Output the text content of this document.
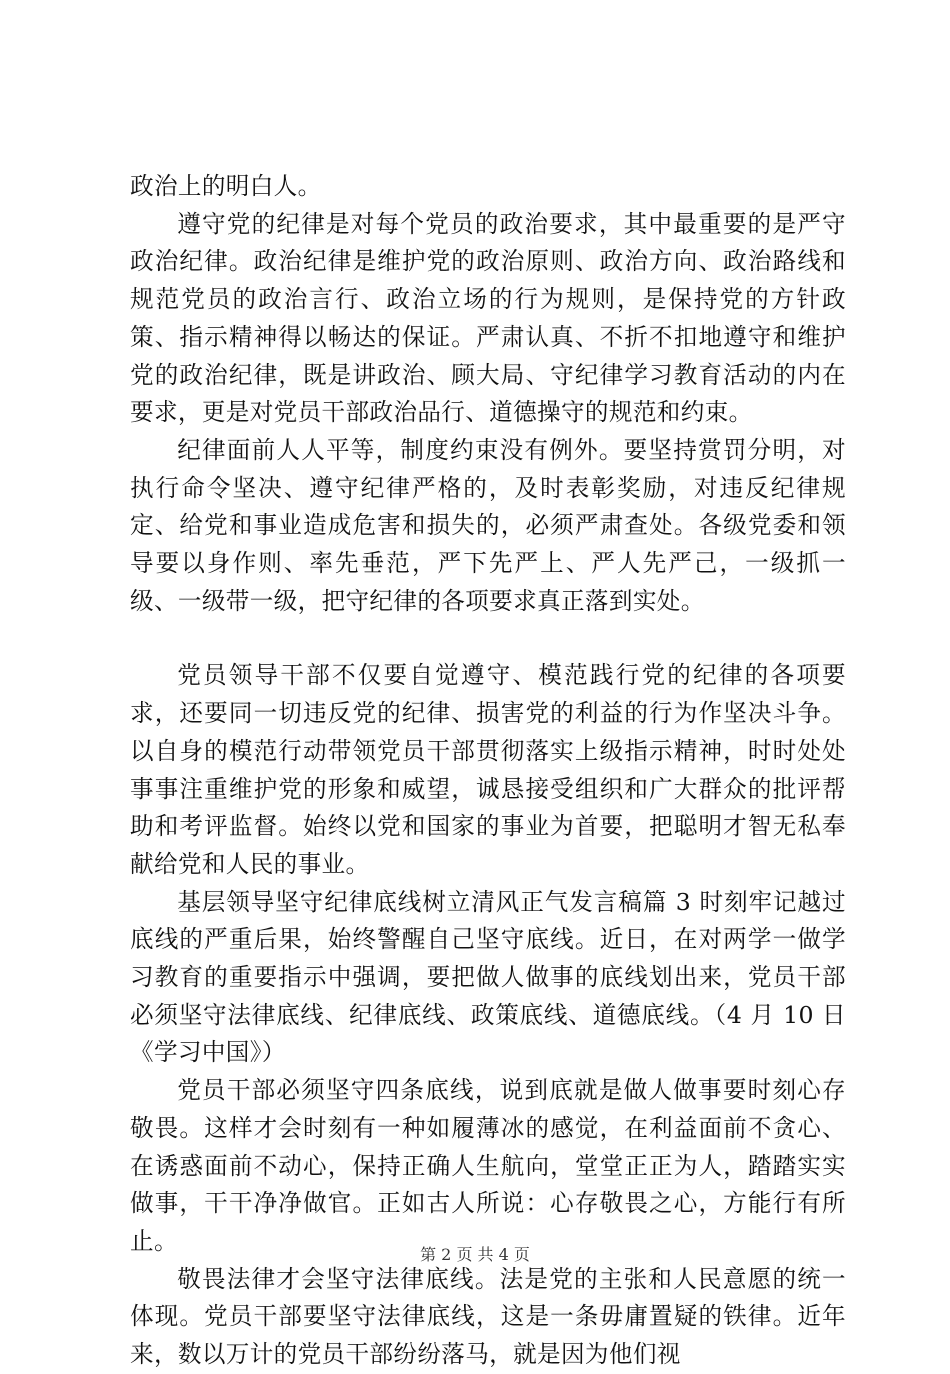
政治上的明白人。

遵守党的纪律是对每个党员的政治要求，其中最重要的是严守政治纪律。政治纪律是维护党的政治原则、政治方向、政治路线和规范党员的政治言行、政治立场的行为规则，是保持党的方针政策、指示精神得以畅达的保证。严肃认真、不折不扣地遵守和维护党的政治纪律，既是讲政治、顾大局、守纪律学习教育活动的内在要求，更是对党员干部政治品行、道德操守的规范和约束。

纪律面前人人平等，制度约束没有例外。要坚持赏罚分明，对执行命令坚决、遵守纪律严格的，及时表彰奖励，对违反纪律规定、给党和事业造成危害和损失的，必须严肃查处。各级党委和领导要以身作则、率先垂范，严下先严上、严人先严己，一级抓一级、一级带一级，把守纪律的各项要求真正落到实处。

党员领导干部不仅要自觉遵守、模范践行党的纪律的各项要求，还要同一切违反党的纪律、损害党的利益的行为作坚决斗争。以自身的模范行动带领党员干部贯彻落实上级指示精神，时时处处事事注重维护党的形象和威望，诚恳接受组织和广大群众的批评帮助和考评监督。始终以党和国家的事业为首要，把聪明才智无私奉献给党和人民的事业。

基层领导坚守纪律底线树立清风正气发言稿篇 3 时刻牢记越过底线的严重后果，始终警醒自己坚守底线。近日，在对两学一做学习教育的重要指示中强调，要把做人做事的底线划出来，党员干部必须坚守法律底线、纪律底线、政策底线、道德底线。（4 月 10 日《学习中国》）

党员干部必须坚守四条底线，说到底就是做人做事要时刻心存敬畏。这样才会时刻有一种如履薄冰的感觉，在利益面前不贪心、在诱惑面前不动心，保持正确人生航向，堂堂正正为人，踏踏实实做事，干干净净做官。正如古人所说：心存敬畏之心，方能行有所止。

敬畏法律才会坚守法律底线。法是党的主张和人民意愿的统一体现。党员干部要坚守法律底线，这是一条毋庸置疑的铁律。近年来，数以万计的党员干部纷纷落马，就是因为他们视

第 2 页 共 4 页
